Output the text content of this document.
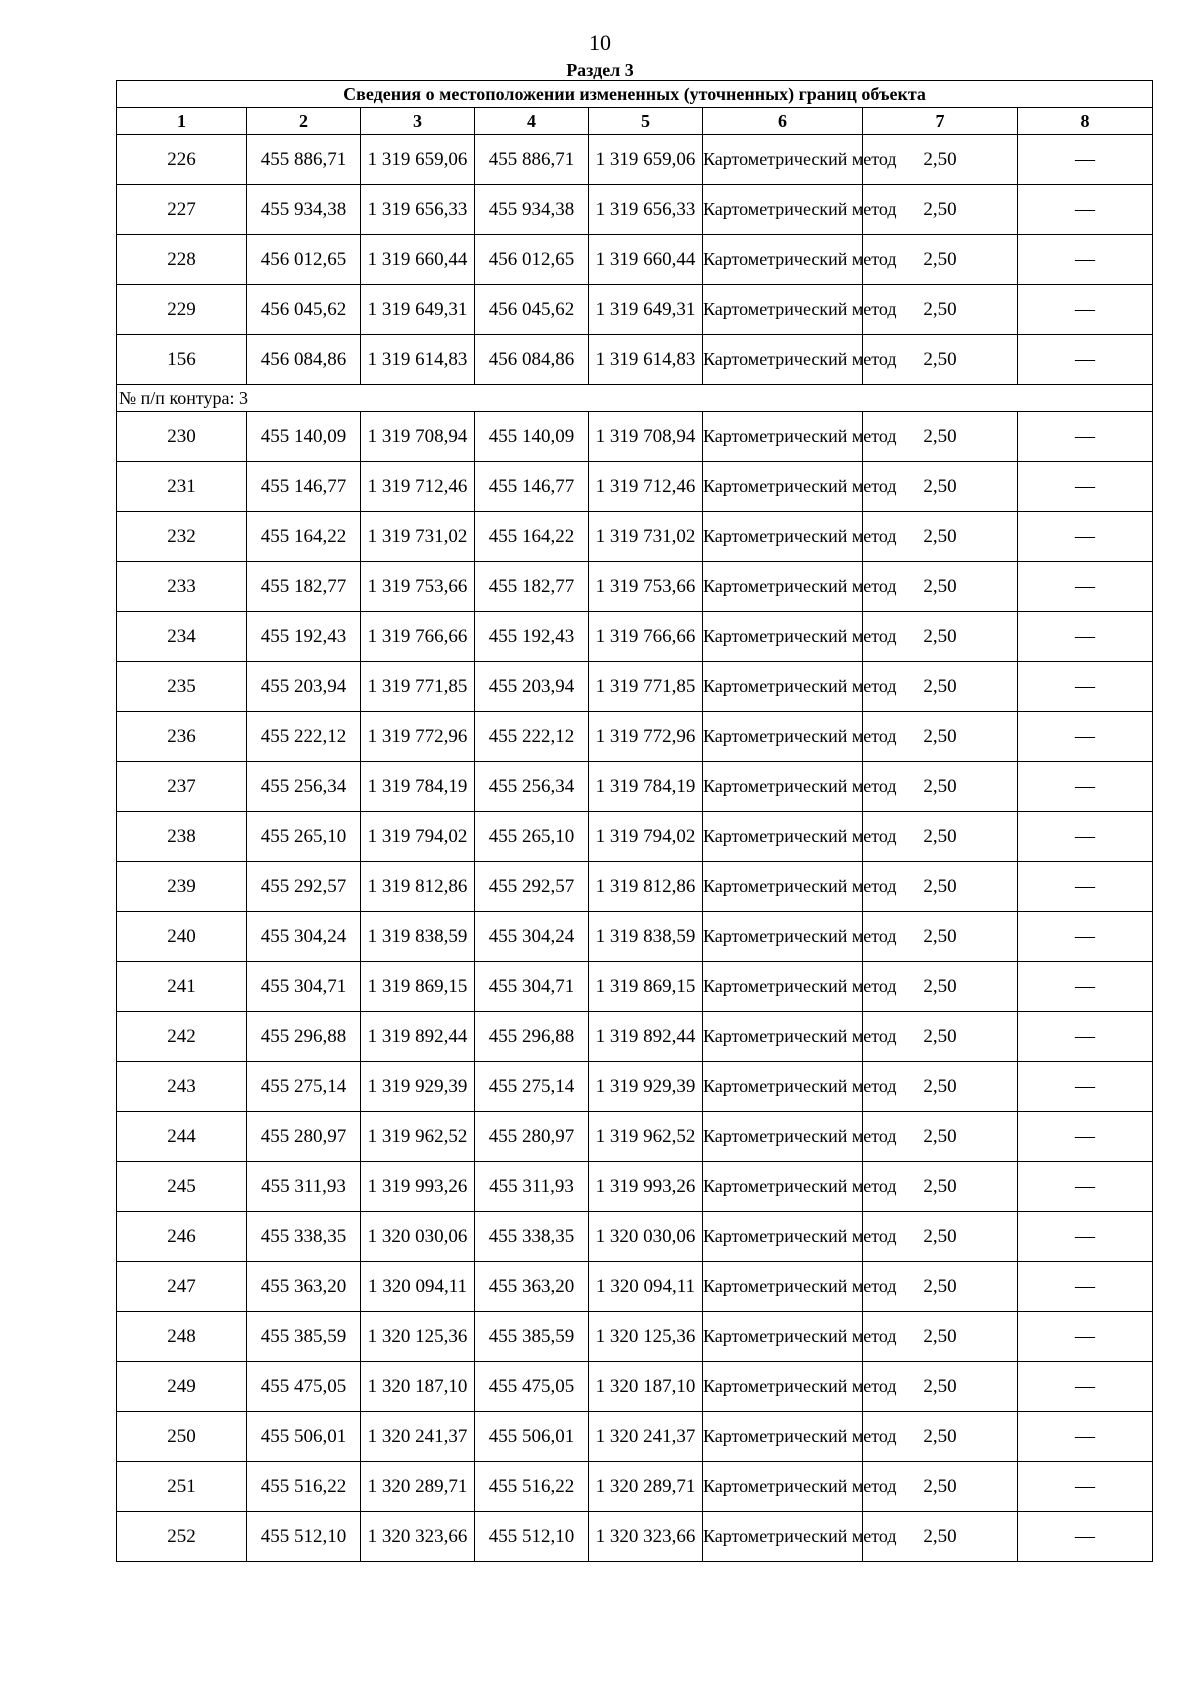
10
Раздел 3
Сведения о местоположении измененных (уточненных) границ объекта							
1	2	3	4	5	6	7	8
226	455 886,71	1 319 659,06	455 886,71	1 319 659,06	Картометрический метод	2,50	—
227	455 934,38	1 319 656,33	455 934,38	1 319 656,33	Картометрический метод	2,50	—
228	456 012,65	1 319 660,44	456 012,65	1 319 660,44	Картометрический метод	2,50	—
229	456 045,62	1 319 649,31	456 045,62	1 319 649,31	Картометрический метод	2,50	—
156	456 084,86	1 319 614,83	456 084,86	1 319 614,83	Картометрический метод	2,50	—
№ п/п контура: 3							
230	455 140,09	1 319 708,94	455 140,09	1 319 708,94	Картометрический метод	2,50	—
231	455 146,77	1 319 712,46	455 146,77	1 319 712,46	Картометрический метод	2,50	—
232	455 164,22	1 319 731,02	455 164,22	1 319 731,02	Картометрический метод	2,50	—
233	455 182,77	1 319 753,66	455 182,77	1 319 753,66	Картометрический метод	2,50	—
234	455 192,43	1 319 766,66	455 192,43	1 319 766,66	Картометрический метод	2,50	—
235	455 203,94	1 319 771,85	455 203,94	1 319 771,85	Картометрический метод	2,50	—
236	455 222,12	1 319 772,96	455 222,12	1 319 772,96	Картометрический метод	2,50	—
237	455 256,34	1 319 784,19	455 256,34	1 319 784,19	Картометрический метод	2,50	—
238	455 265,10	1 319 794,02	455 265,10	1 319 794,02	Картометрический метод	2,50	—
239	455 292,57	1 319 812,86	455 292,57	1 319 812,86	Картометрический метод	2,50	—
240	455 304,24	1 319 838,59	455 304,24	1 319 838,59	Картометрический метод	2,50	—
241	455 304,71	1 319 869,15	455 304,71	1 319 869,15	Картометрический метод	2,50	—
242	455 296,88	1 319 892,44	455 296,88	1 319 892,44	Картометрический метод	2,50	—
243	455 275,14	1 319 929,39	455 275,14	1 319 929,39	Картометрический метод	2,50	—
244	455 280,97	1 319 962,52	455 280,97	1 319 962,52	Картометрический метод	2,50	—
245	455 311,93	1 319 993,26	455 311,93	1 319 993,26	Картометрический метод	2,50	—
246	455 338,35	1 320 030,06	455 338,35	1 320 030,06	Картометрический метод	2,50	—
247	455 363,20	1 320 094,11	455 363,20	1 320 094,11	Картометрический метод	2,50	—
248	455 385,59	1 320 125,36	455 385,59	1 320 125,36	Картометрический метод	2,50	—
249	455 475,05	1 320 187,10	455 475,05	1 320 187,10	Картометрический метод	2,50	—
250	455 506,01	1 320 241,37	455 506,01	1 320 241,37	Картометрический метод	2,50	—
251	455 516,22	1 320 289,71	455 516,22	1 320 289,71	Картометрический метод	2,50	—
252	455 512,10	1 320 323,66	455 512,10	1 320 323,66	Картометрический метод	2,50	—
